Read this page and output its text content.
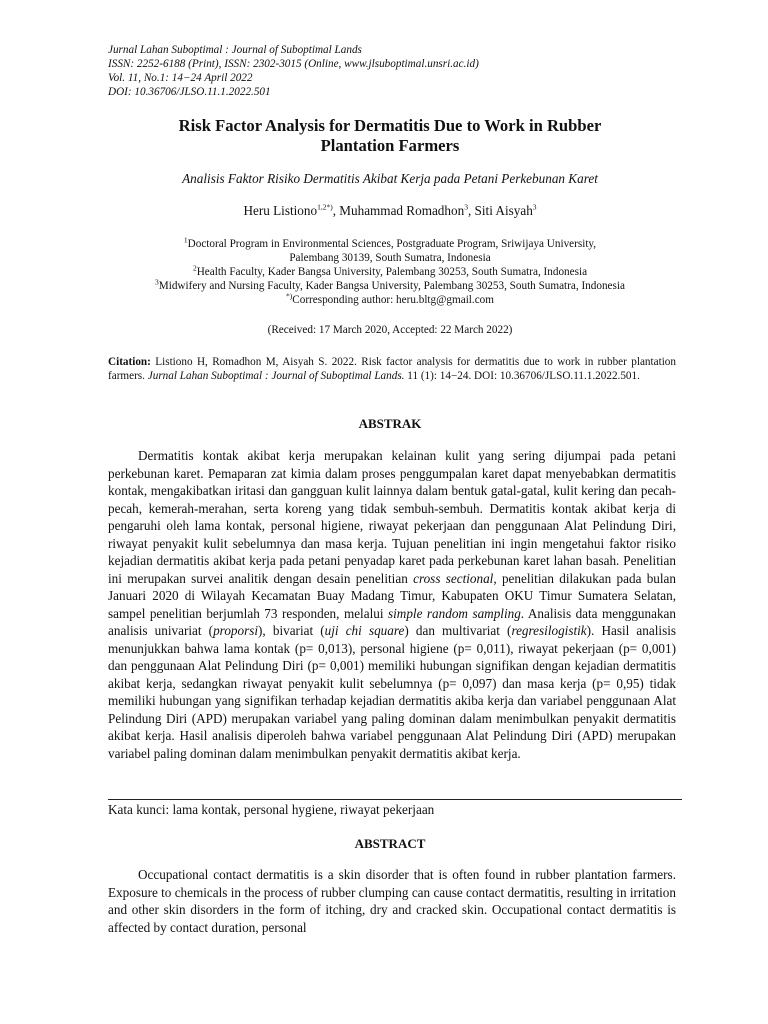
Jurnal Lahan Suboptimal : Journal of Suboptimal Lands
ISSN: 2252-6188 (Print), ISSN: 2302-3015 (Online, www.jlsuboptimal.unsri.ac.id)
Vol. 11, No.1: 14−24 April 2022
DOI: 10.36706/JLSO.11.1.2022.501
Risk Factor Analysis for Dermatitis Due to Work in Rubber
Plantation Farmers
Analisis Faktor Risiko Dermatitis Akibat Kerja pada Petani Perkebunan Karet
Heru Listiono$^{1,2*)}$, Muhammad Romadhon$^3$, Siti Aisyah$^3$
$^1$Doctoral Program in Environmental Sciences, Postgraduate Program, Sriwijaya University,
Palembang 30139, South Sumatra, Indonesia
$^2$Health Faculty, Kader Bangsa University, Palembang 30253, South Sumatra, Indonesia
$^3$Midwifery and Nursing Faculty, Kader Bangsa University, Palembang 30253, South Sumatra, Indonesia
*)Corresponding author: heru.bltg@gmail.com
(Received: 17 March 2020, Accepted: 22 March 2022)
Citation: Listiono H, Romadhon M, Aisyah S. 2022. Risk factor analysis for dermatitis due to work in rubber plantation farmers. Jurnal Lahan Suboptimal : Journal of Suboptimal Lands. 11 (1): 14−24. DOI: 10.36706/JLSO.11.1.2022.501.
ABSTRAK

Dermatitis kontak akibat kerja merupakan kelainan kulit yang sering dijumpai pada petani perkebunan karet. Pemaparan zat kimia dalam proses penggumpalan karet dapat menyebabkan dermatitis kontak, mengakibatkan iritasi dan gangguan kulit lainnya dalam bentuk gatal-gatal, kulit kering dan pecah-pecah, kemerah-merahan, serta koreng yang tidak sembuh-sembuh. Dermatitis kontak akibat kerja di pengaruhi oleh lama kontak, personal higiene, riwayat pekerjaan dan penggunaan Alat Pelindung Diri, riwayat penyakit kulit sebelumnya dan masa kerja. Tujuan penelitian ini ingin mengetahui faktor risiko kejadian dermatitis akibat kerja pada petani penyadap karet pada perkebunan karet lahan basah. Penelitian ini merupakan survei analitik dengan desain penelitian cross sectional, penelitian dilakukan pada bulan Januari 2020 di Wilayah Kecamatan Buay Madang Timur, Kabupaten OKU Timur Sumatera Selatan, sampel penelitian berjumlah 73 responden, melalui simple random sampling. Analisis data menggunakan analisis univariat (proporsi), bivariat (uji chi square) dan multivariat (regresilogistik). Hasil analisis menunjukkan bahwa lama kontak (p= 0,013), personal higiene (p= 0,011), riwayat pekerjaan (p= 0,001) dan penggunaan Alat Pelindung Diri (p= 0,001) memiliki hubungan signifikan dengan kejadian dermatitis akibat kerja, sedangkan riwayat penyakit kulit sebelumnya (p= 0,097) dan masa kerja (p= 0,95) tidak memiliki hubungan yang signifikan terhadap kejadian dermatitis akiba kerja dan variabel penggunaan Alat Pelindung Diri (APD) merupakan variabel yang paling dominan dalam menimbulkan penyakit dermatitis akibat kerja. Hasil analisis diperoleh bahwa variabel penggunaan Alat Pelindung Diri (APD) merupakan variabel paling dominan dalam menimbulkan penyakit dermatitis akibat kerja.

Kata kunci: lama kontak, personal hygiene, riwayat pekerjaan
ABSTRACT

Occupational contact dermatitis is a skin disorder that is often found in rubber plantation farmers. Exposure to chemicals in the process of rubber clumping can cause contact dermatitis, resulting in irritation and other skin disorders in the form of itching, dry and cracked skin. Occupational contact dermatitis is affected by contact duration, personal
